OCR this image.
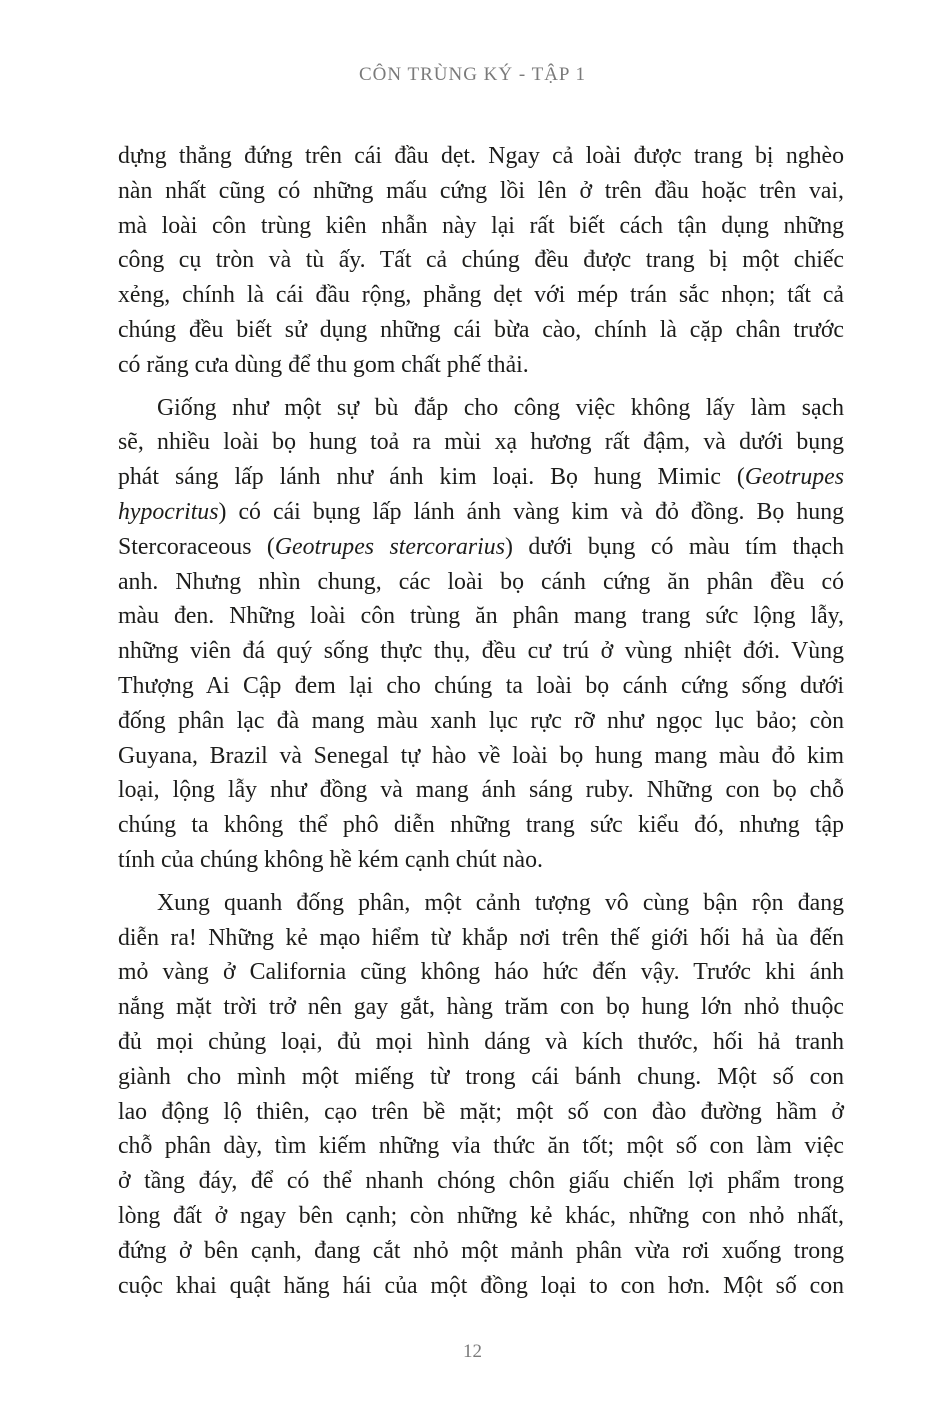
CÔN TRÙNG KÝ - TẬP 1
dựng thẳng đứng trên cái đầu dẹt. Ngay cả loài được trang bị nghèo
nàn nhất cũng có những mấu cứng lồi lên ở trên đầu hoặc trên vai,
mà loài côn trùng kiên nhẫn này lại rất biết cách tận dụng những
công cụ tròn và tù ấy. Tất cả chúng đều được trang bị một chiếc
xẻng, chính là cái đầu rộng, phẳng dẹt với mép trán sắc nhọn; tất cả
chúng đều biết sử dụng những cái bừa cào, chính là cặp chân trước
có răng cưa dùng để thu gom chất phế thải.
Giống như một sự bù đắp cho công việc không lấy làm sạch
sẽ, nhiều loài bọ hung toả ra mùi xạ hương rất đậm, và dưới bụng
phát sáng lấp lánh như ánh kim loại. Bọ hung Mimic (Geotrupes
hypocritus) có cái bụng lấp lánh ánh vàng kim và đỏ đồng. Bọ hung
Stercoraceous (Geotrupes stercorarius) dưới bụng có màu tím thạch
anh. Nhưng nhìn chung, các loài bọ cánh cứng ăn phân đều có
màu đen. Những loài côn trùng ăn phân mang trang sức lộng lẫy,
những viên đá quý sống thực thụ, đều cư trú ở vùng nhiệt đới. Vùng
Thượng Ai Cập đem lại cho chúng ta loài bọ cánh cứng sống dưới
đống phân lạc đà mang màu xanh lục rực rỡ như ngọc lục bảo; còn
Guyana, Brazil và Senegal tự hào về loài bọ hung mang màu đỏ kim
loại, lộng lẫy như đồng và mang ánh sáng ruby. Những con bọ chỗ
chúng ta không thể phô diễn những trang sức kiểu đó, nhưng tập
tính của chúng không hề kém cạnh chút nào.
Xung quanh đống phân, một cảnh tượng vô cùng bận rộn đang
diễn ra! Những kẻ mạo hiểm từ khắp nơi trên thế giới hối hả ùa đến
mỏ vàng ở California cũng không háo hức đến vậy. Trước khi ánh
nắng mặt trời trở nên gay gắt, hàng trăm con bọ hung lớn nhỏ thuộc
đủ mọi chủng loại, đủ mọi hình dáng và kích thước, hối hả tranh
giành cho mình một miếng từ trong cái bánh chung. Một số con
lao động lộ thiên, cạo trên bề mặt; một số con đào đường hầm ở
chỗ phân dày, tìm kiếm những vỉa thức ăn tốt; một số con làm việc
ở tầng đáy, để có thể nhanh chóng chôn giấu chiến lợi phẩm trong
lòng đất ở ngay bên cạnh; còn những kẻ khác, những con nhỏ nhất,
đứng ở bên cạnh, đang cắt nhỏ một mảnh phân vừa rơi xuống trong
cuộc khai quật hăng hái của một đồng loại to con hơn. Một số con
12
